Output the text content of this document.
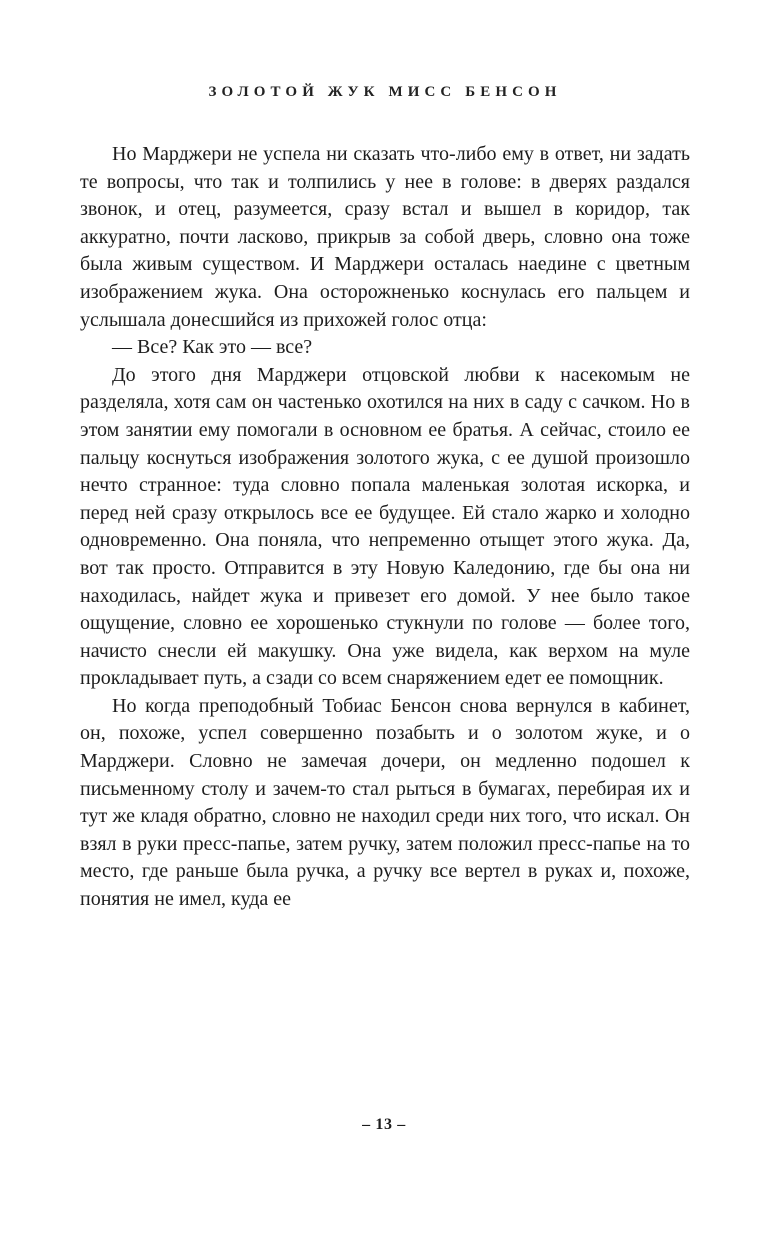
ЗОЛОТОЙ ЖУК МИСС БЕНСОН

Но Марджери не успела ни сказать что-либо ему в ответ, ни задать те вопросы, что так и толпились у нее в голове: в дверях раздался звонок, и отец, разумеется, сразу встал и вышел в коридор, так аккуратно, почти ласково, прикрыв за собой дверь, словно она тоже была живым существом. И Марджери осталась наедине с цветным изображением жука. Она осторожненько коснулась его пальцем и услышала донесшийся из прихожей голос отца:

— Все? Как это — все?

До этого дня Марджери отцовской любви к насекомым не разделяла, хотя сам он частенько охотился на них в саду с сачком. Но в этом занятии ему помогали в основном ее братья. А сейчас, стоило ее пальцу коснуться изображения золотого жука, с ее душой произошло нечто странное: туда словно попала маленькая золотая искорка, и перед ней сразу открылось все ее будущее. Ей стало жарко и холодно одновременно. Она поняла, что непременно отыщет этого жука. Да, вот так просто. Отправится в эту Новую Каледонию, где бы она ни находилась, найдет жука и привезет его домой. У нее было такое ощущение, словно ее хорошенько стукнули по голове — более того, начисто снесли ей макушку. Она уже видела, как верхом на муле прокладывает путь, а сзади со всем снаряжением едет ее помощник.

Но когда преподобный Тобиас Бенсон снова вернулся в кабинет, он, похоже, успел совершенно позабыть и о золотом жуке, и о Марджери. Словно не замечая дочери, он медленно подошел к письменному столу и зачем-то стал рыться в бумагах, перебирая их и тут же кладя обратно, словно не находил среди них того, что искал. Он взял в руки пресс-папье, затем ручку, затем положил пресс-папье на то место, где раньше была ручка, а ручку все вертел в руках и, похоже, понятия не имел, куда ее

– 13 –
